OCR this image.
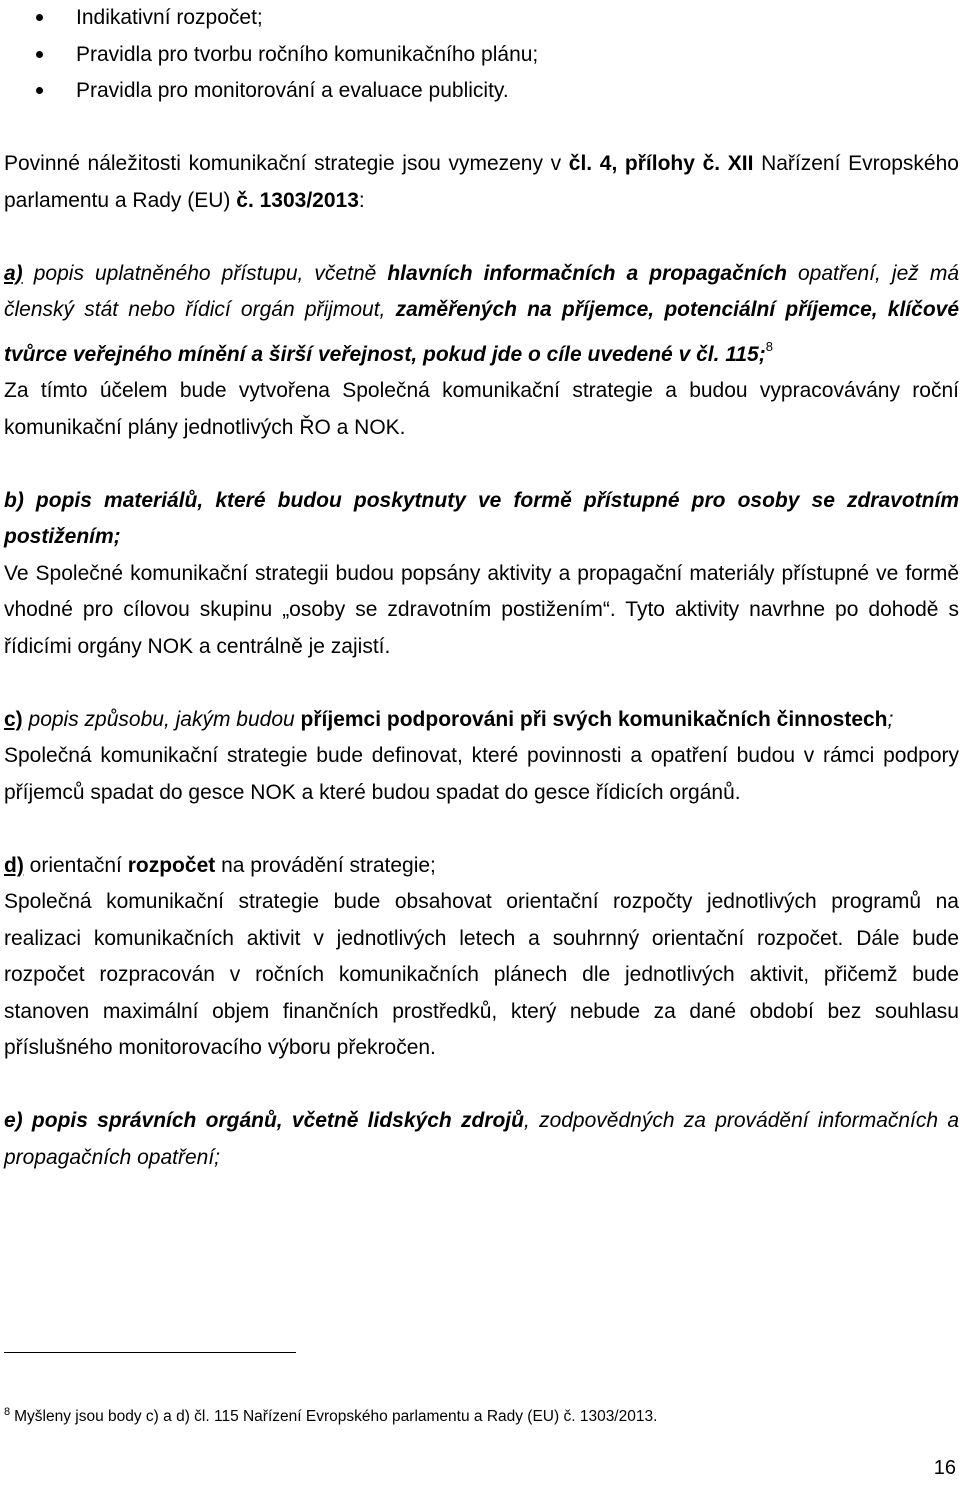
Indikativní rozpočet;
Pravidla pro tvorbu ročního komunikačního plánu;
Pravidla pro monitorování a evaluace publicity.

Povinné náležitosti komunikační strategie jsou vymezeny v čl. 4, přílohy č. XII Nařízení Evropského parlamentu a Rady (EU) č. 1303/2013:

a) popis uplatněného přístupu, včetně hlavních informačních a propagačních opatření, jež má členský stát nebo řídicí orgán přijmout, zaměřených na příjemce, potenciální příjemce, klíčové tvůrce veřejného mínění a širší veřejnost, pokud jde o cíle uvedené v čl. 115;$^8$

Za tímto účelem bude vytvořena Společná komunikační strategie a budou vypracovávány roční komunikační plány jednotlivých ŘO a NOK.

b) popis materiálů, které budou poskytnuty ve formě přístupné pro osoby se zdravotním postižením;

Ve Společné komunikační strategii budou popsány aktivity a propagační materiály přístupné ve formě vhodné pro cílovou skupinu „osoby se zdravotním postižením“. Tyto aktivity navrhne po dohodě s řídicími orgány NOK a centrálně je zajistí.

c) popis způsobu, jakým budou příjemci podporováni při svých komunikačních činnostech;

Společná komunikační strategie bude definovat, které povinnosti a opatření budou v rámci podpory příjemců spadat do gesce NOK a které budou spadat do gesce řídicích orgánů.

d) orientační rozpočet na provádění strategie;

Společná komunikační strategie bude obsahovat orientační rozpočty jednotlivých programů na realizaci komunikačních aktivit v jednotlivých letech a souhrnný orientační rozpočet. Dále bude rozpočet rozpracován v ročních komunikačních plánech dle jednotlivých aktivit, přičemž bude stanoven maximální objem finančních prostředků, který nebude za dané období bez souhlasu příslušného monitorovacího výboru překročen.

e) popis správních orgánů, včetně lidských zdrojů, zodpovědných za provádění informačních a propagačních opatření;

$^8$ Myšleny jsou body c) a d) čl. 115 Nařízení Evropského parlamentu a Rady (EU) č. 1303/2013.
16
